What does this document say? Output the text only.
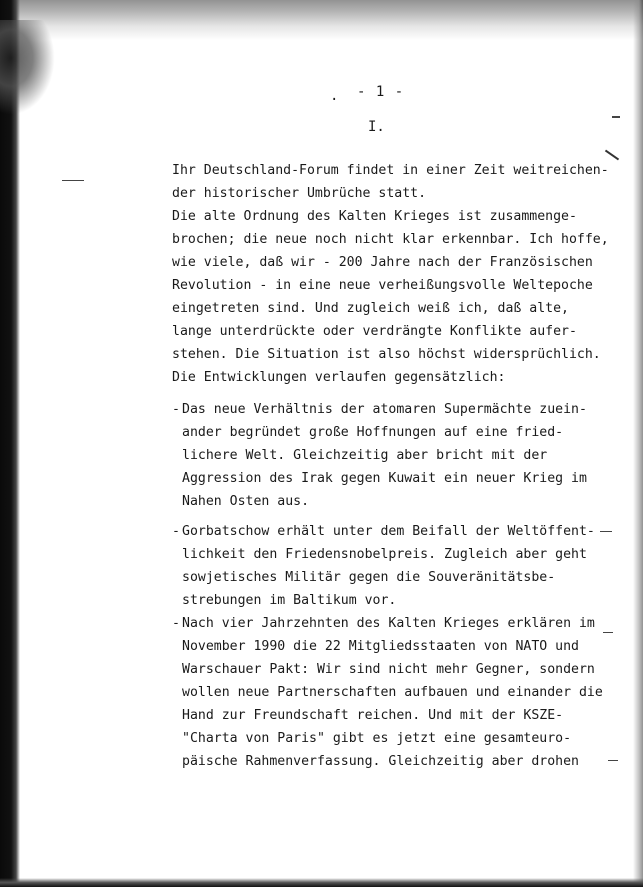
. - 1 -
I.
Ihr Deutschland-Forum findet in einer Zeit weitreichen-
der historischer Umbrüche statt.
Die alte Ordnung des Kalten Krieges ist zusammenge-
brochen; die neue noch nicht klar erkennbar. Ich hoffe,
wie viele, daß wir - 200 Jahre nach der Französischen
Revolution - in eine neue verheißungsvolle Weltepoche
eingetreten sind. Und zugleich weiß ich, daß alte,
lange unterdrückte oder verdrängte Konflikte aufer-
stehen. Die Situation ist also höchst widersprüchlich.
Die Entwicklungen verlaufen gegensätzlich:
- Das neue Verhältnis der atomaren Supermächte zuein-
ander begründet große Hoffnungen auf eine fried-
lichere Welt. Gleichzeitig aber bricht mit der
Aggression des Irak gegen Kuwait ein neuer Krieg im
Nahen Osten aus.
- Gorbatschow erhält unter dem Beifall der Weltöffent-
lichkeit den Friedensnobelpreis. Zugleich aber geht
sowjetisches Militär gegen die Souveränitätsbe-
strebungen im Baltikum vor.
- Nach vier Jahrzehnten des Kalten Krieges erklären im
November 1990 die 22 Mitgliedsstaaten von NATO und
Warschauer Pakt: Wir sind nicht mehr Gegner, sondern
wollen neue Partnerschaften aufbauen und einander die
Hand zur Freundschaft reichen. Und mit der KSZE-
"Charta von Paris" gibt es jetzt eine gesamteuro-
päische Rahmenverfassung. Gleichzeitig aber drohen
